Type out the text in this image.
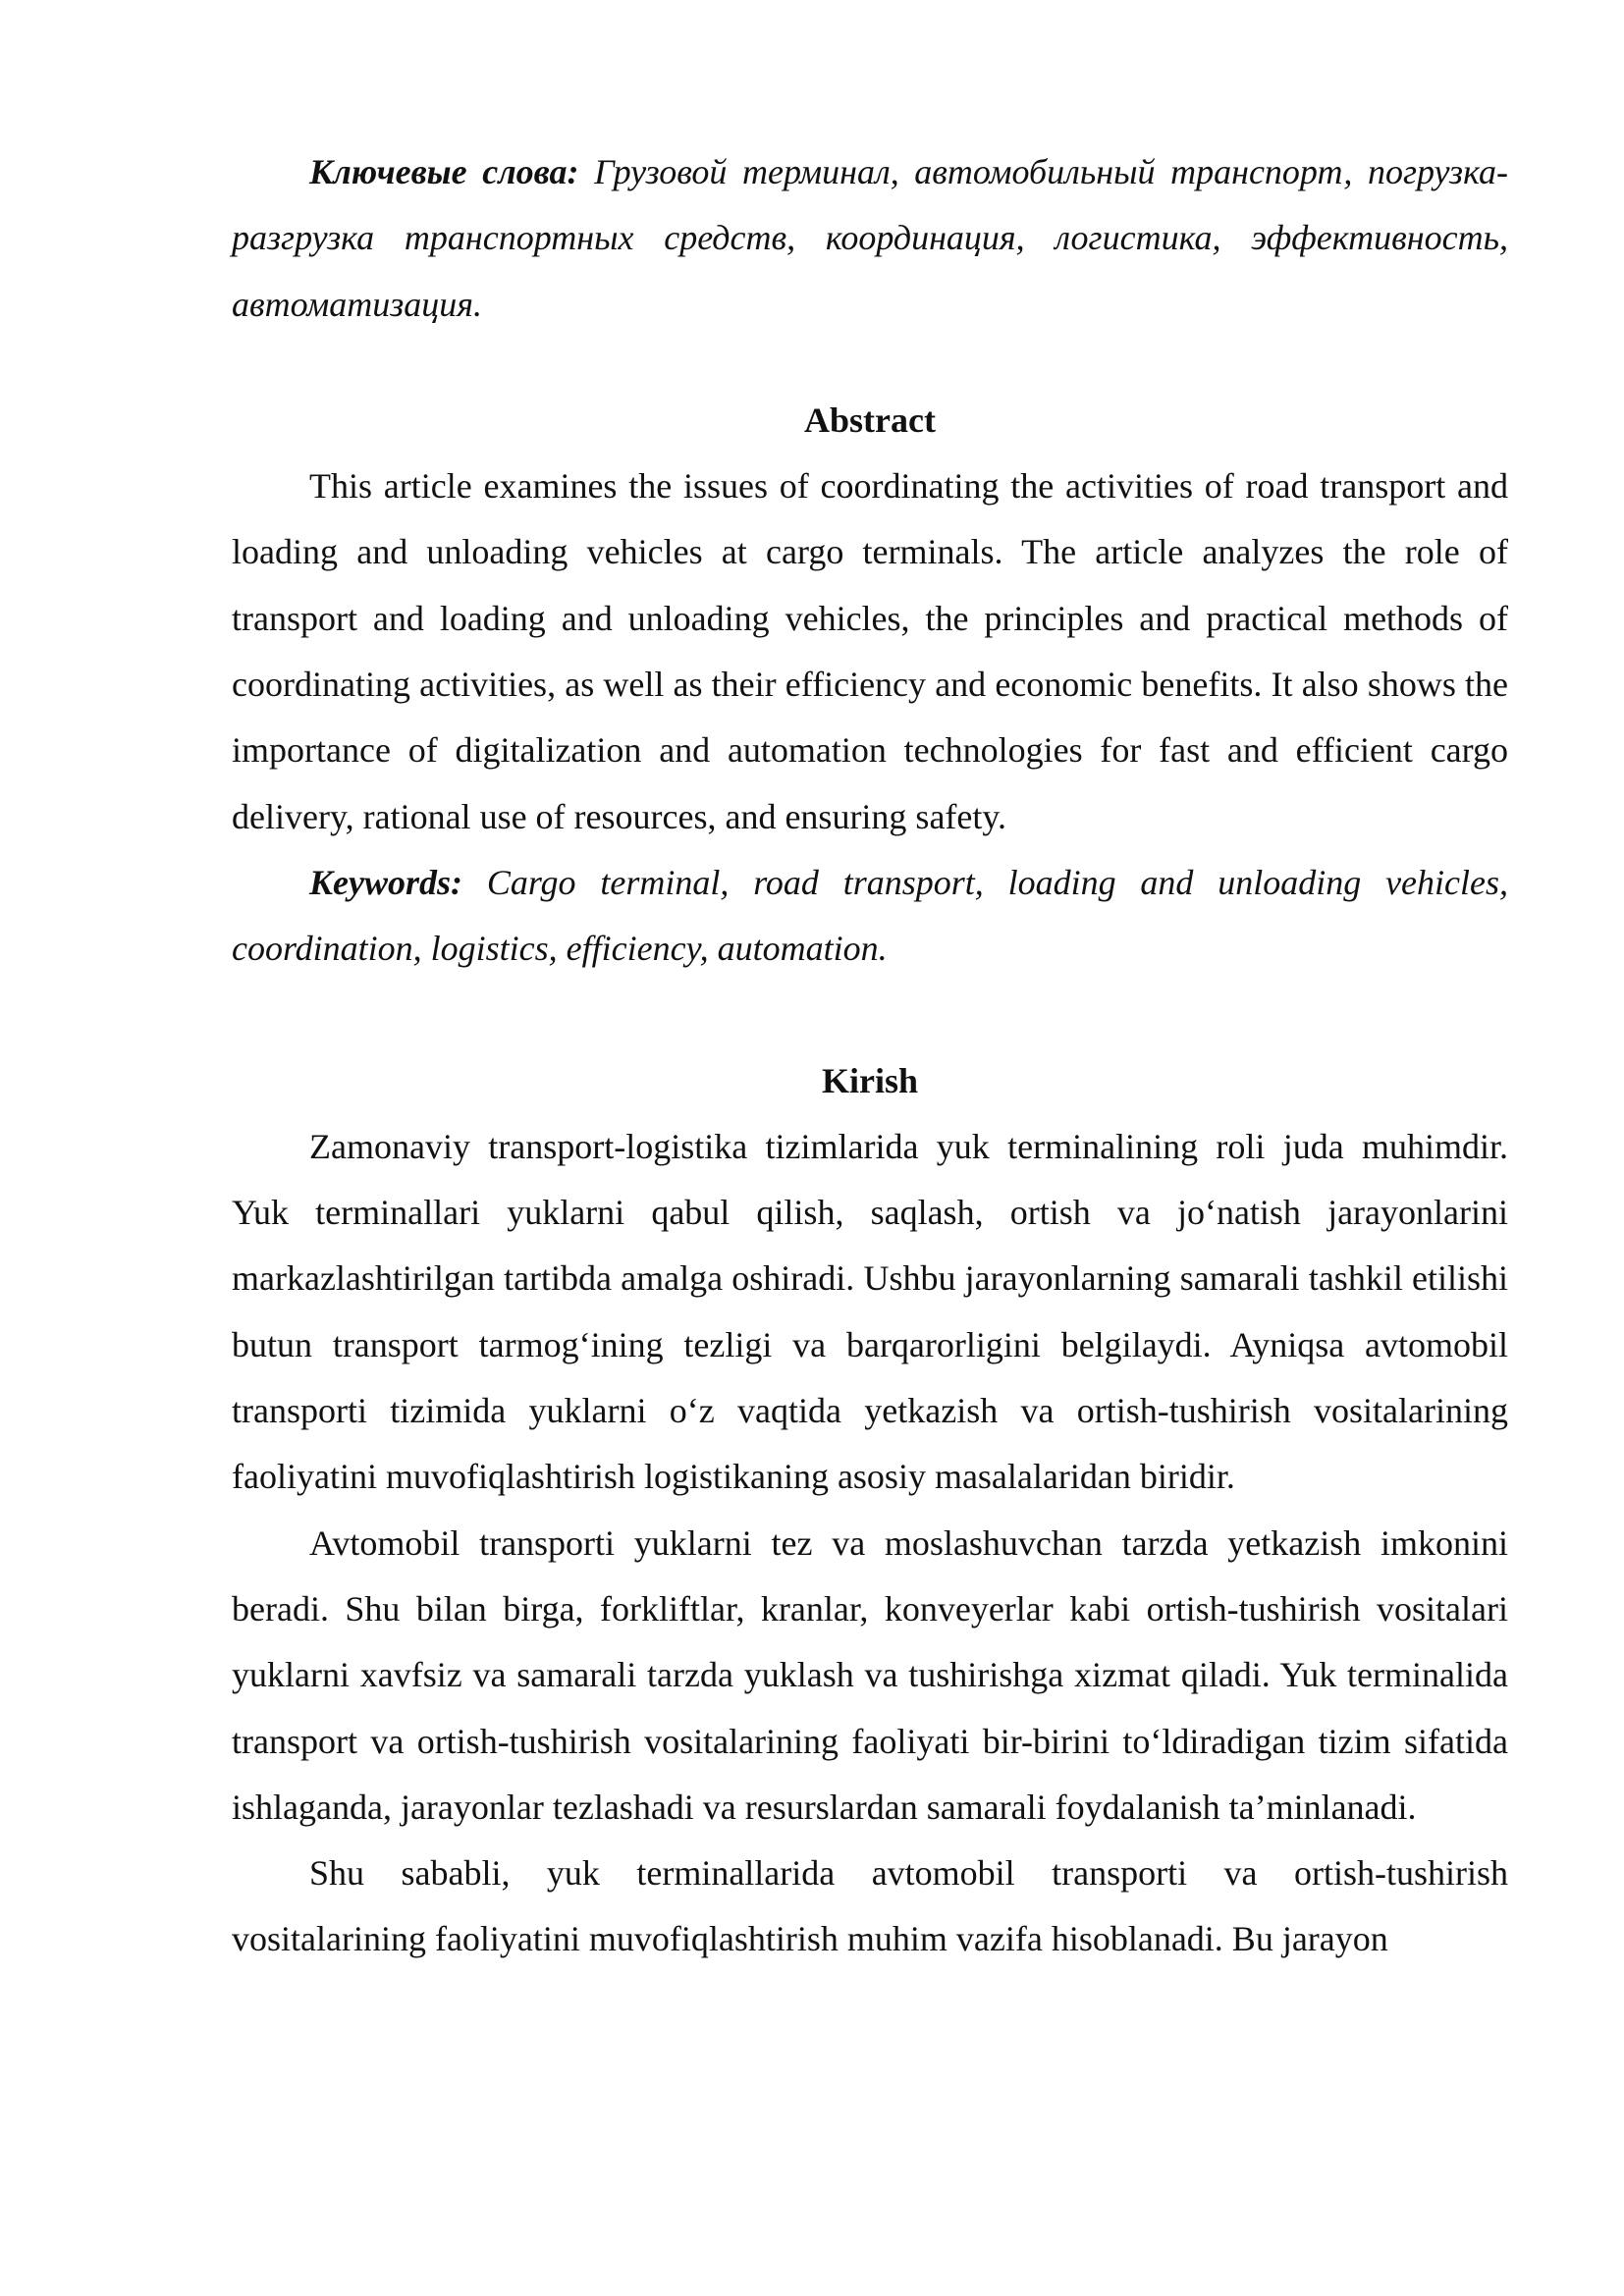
Ключевые слова: Грузовой терминал, автомобильный транспорт, погрузка-разгрузка транспортных средств, координация, логистика, эффективность, автоматизация.

Abstract

This article examines the issues of coordinating the activities of road transport and loading and unloading vehicles at cargo terminals. The article analyzes the role of transport and loading and unloading vehicles, the principles and practical methods of coordinating activities, as well as their efficiency and economic benefits. It also shows the importance of digitalization and automation technologies for fast and efficient cargo delivery, rational use of resources, and ensuring safety.

Keywords: Cargo terminal, road transport, loading and unloading vehicles, coordination, logistics, efficiency, automation.

Kirish

Zamonaviy transport-logistika tizimlarida yuk terminalining roli juda muhimdir. Yuk terminallari yuklarni qabul qilish, saqlash, ortish va jo‘natish jarayonlarini markazlashtirilgan tartibda amalga oshiradi. Ushbu jarayonlarning samarali tashkil etilishi butun transport tarmog‘ining tezligi va barqarorligini belgilaydi. Ayniqsa avtomobil transporti tizimida yuklarni o‘z vaqtida yetkazish va ortish-tushirish vositalarining faoliyatini muvofiqlashtirish logistikaning asosiy masalalaridan biridir.

Avtomobil transporti yuklarni tez va moslashuvchan tarzda yetkazish imkonini beradi. Shu bilan birga, forkliftlar, kranlar, konveyerlar kabi ortish-tushirish vositalari yuklarni xavfsiz va samarali tarzda yuklash va tushirishga xizmat qiladi. Yuk terminalida transport va ortish-tushirish vositalarining faoliyati bir-birini to‘ldiradigan tizim sifatida ishlaganda, jarayonlar tezlashadi va resurslardan samarali foydalanish ta’minlanadi.

Shu sababli, yuk terminallarida avtomobil transporti va ortish-tushirish vositalarining faoliyatini muvofiqlashtirish muhim vazifa hisoblanadi. Bu jarayon
